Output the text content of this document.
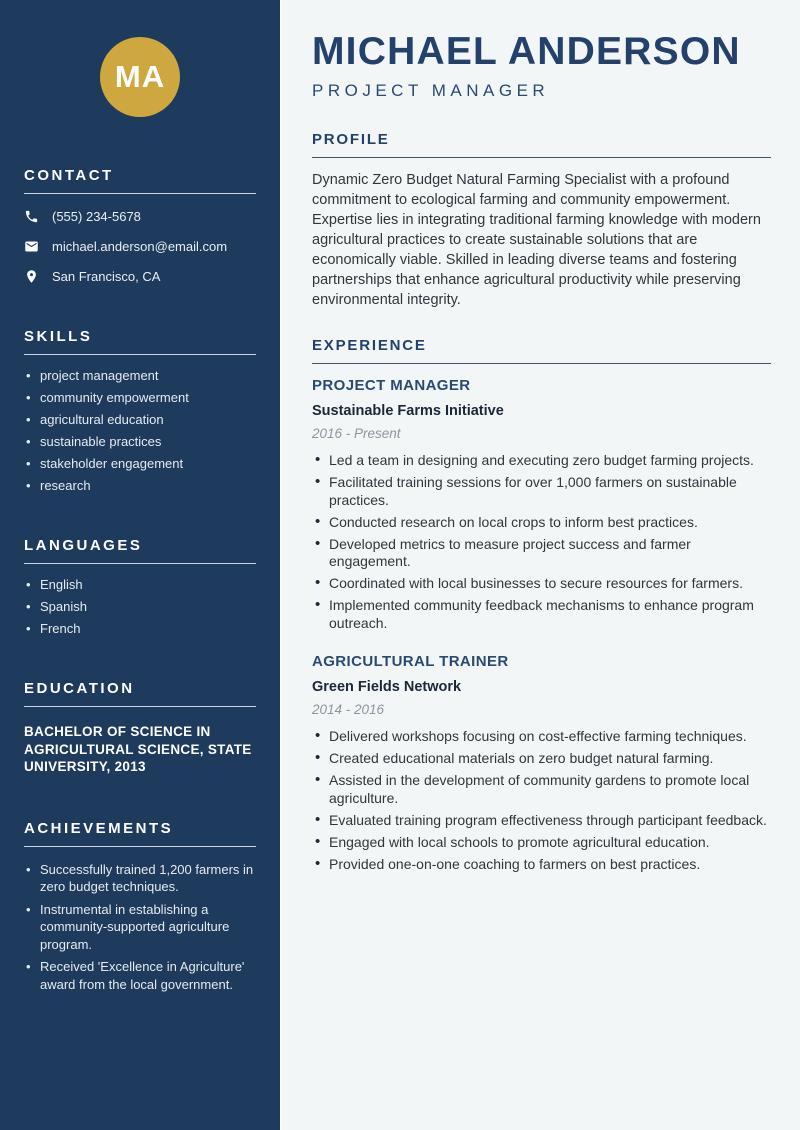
MA
CONTACT
(555) 234-5678
michael.anderson@email.com
San Francisco, CA
SKILLS
• project management
• community empowerment
• agricultural education
• sustainable practices
• stakeholder engagement
• research
LANGUAGES
• English
• Spanish
• French
EDUCATION
BACHELOR OF SCIENCE IN AGRICULTURAL SCIENCE, STATE UNIVERSITY, 2013
ACHIEVEMENTS
• Successfully trained 1,200 farmers in zero budget techniques.
• Instrumental in establishing a community-supported agriculture program.
• Received 'Excellence in Agriculture' award from the local government.
MICHAEL ANDERSON
PROJECT MANAGER
PROFILE

Dynamic Zero Budget Natural Farming Specialist with a profound commitment to ecological farming and community empowerment. Expertise lies in integrating traditional farming knowledge with modern agricultural practices to create sustainable solutions that are economically viable. Skilled in leading diverse teams and fostering partnerships that enhance agricultural productivity while preserving environmental integrity.

EXPERIENCE
PROJECT MANAGER
Sustainable Farms Initiative
2016 - Present
• Led a team in designing and executing zero budget farming projects.
• Facilitated training sessions for over 1,000 farmers on sustainable practices.
• Conducted research on local crops to inform best practices.
• Developed metrics to measure project success and farmer engagement.
• Coordinated with local businesses to secure resources for farmers.
• Implemented community feedback mechanisms to enhance program outreach.
AGRICULTURAL TRAINER
Green Fields Network
2014 - 2016
• Delivered workshops focusing on cost-effective farming techniques.
• Created educational materials on zero budget natural farming.
• Assisted in the development of community gardens to promote local agriculture.
• Evaluated training program effectiveness through participant feedback.
• Engaged with local schools to promote agricultural education.
• Provided one-on-one coaching to farmers on best practices.
